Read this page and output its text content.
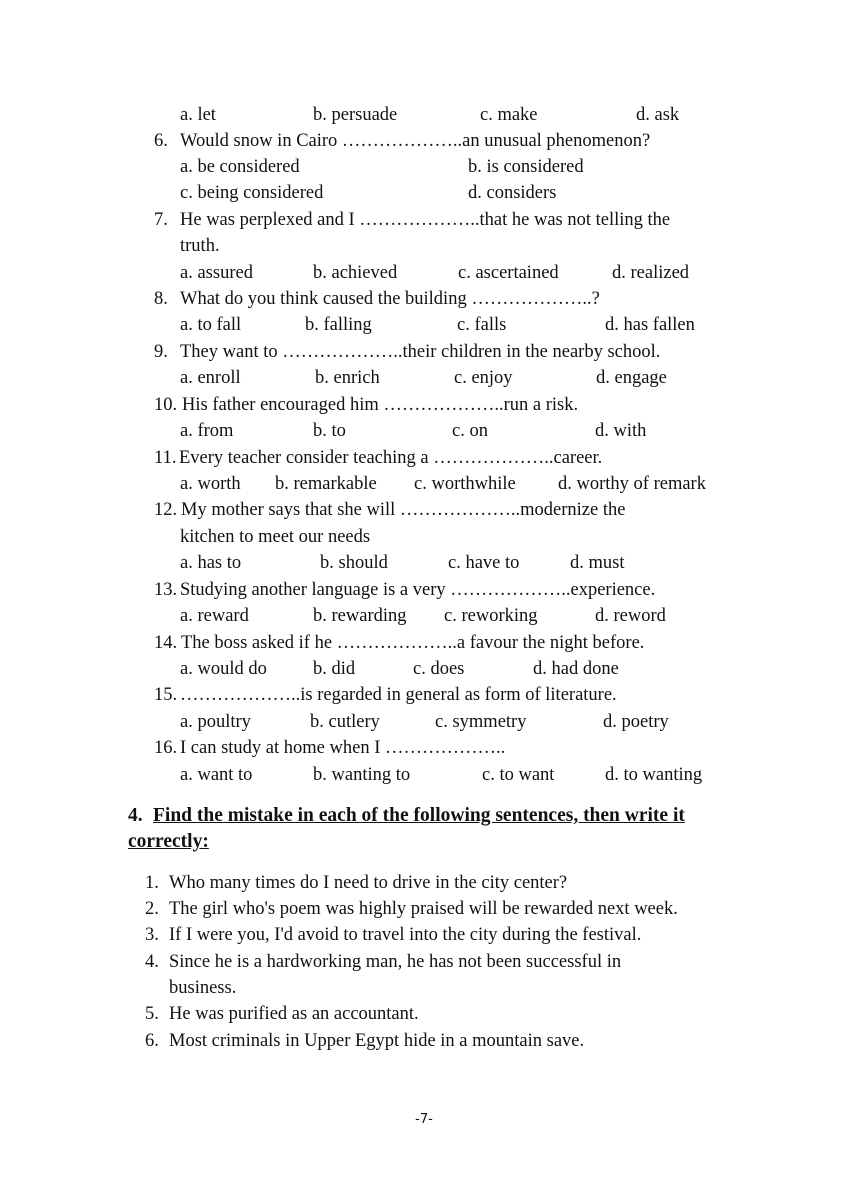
a. let	b. persuade	c. make	d. ask
6. Would snow in Cairo ………………..an unusual phenomenon?
a. be considered	b. is considered
c. being considered	d. considers
7. He was perplexed and I ………………..that he was not telling the
truth.
a. assured	b. achieved	c. ascertained	d. realized
8. What do you think caused the building ………………..?
a. to fall	b. falling	c. falls	d. has fallen
9. They want to ………………..their children in the nearby school.
a. enroll	b. enrich	c. enjoy	d. engage
10. His father encouraged him ………………..run a risk.
a. from	b. to	c. on	d. with
11. Every teacher consider teaching a ………………..career.
a. worth b. remarkable c. worthwhile d. worthy of remark
12. My mother says that she will ………………..modernize the
kitchen to meet our needs
a. has to	b. should	c. have to	d. must
13. Studying another language is a very ………………..experience.
a. reward	b. rewarding c. reworking	d. reword
14. The boss asked if he ………………..a favour the night before.
a. would do b. did	c. does	d. had done
15. ………………..is regarded in general as form of literature.
a. poultry	b. cutlery	c. symmetry	d. poetry
16. I can study at home when I ………………..
a. want to	b. wanting to	c. to want	d. to wanting
4. Find the mistake in each of the following sentences, then write it
correctly:
1. Who many times do I need to drive in the city center?
2. The girl who's poem was highly praised will be rewarded next week.
3. If I were you, I'd avoid to travel into the city during the festival.
4. Since he is a hardworking man, he has not been successful in
business.
5. He was purified as an accountant.
6. Most criminals in Upper Egypt hide in a mountain save.
-7-
